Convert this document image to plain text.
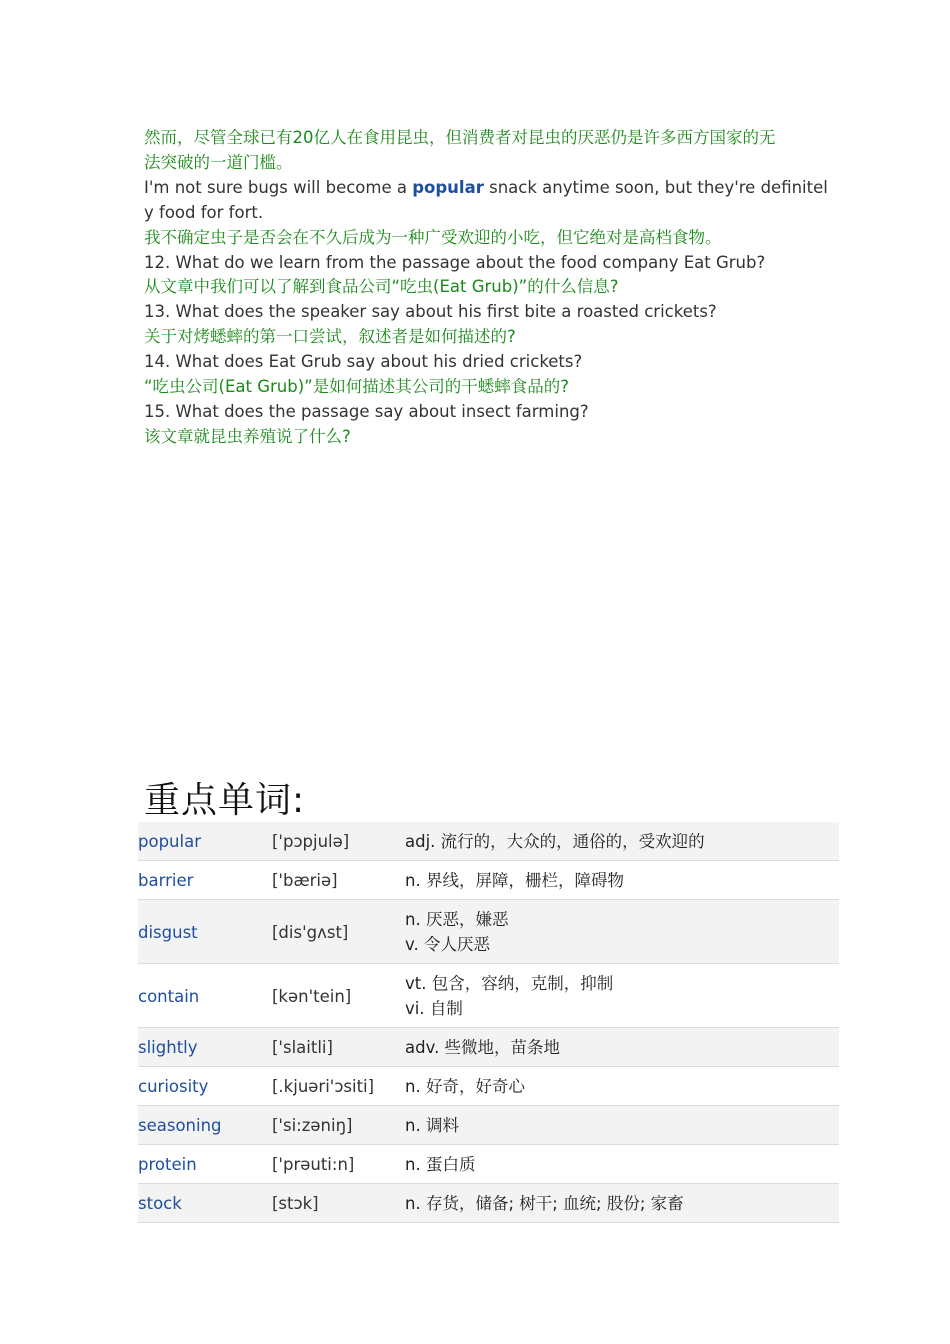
然而，尽管全球已有20亿人在食用昆虫，但消费者对昆虫的厌恶仍是许多西方国家的无
法突破的一道门槛。
I'm not sure bugs will become a popular snack anytime soon, but they're definitel
y food for fort.
我不确定虫子是否会在不久后成为一种广受欢迎的小吃，但它绝对是高档食物。
12. What do we learn from the passage about the food company Eat Grub?
从文章中我们可以了解到食品公司“吃虫(Eat Grub)”的什么信息?
13. What does the speaker say about his first bite a roasted crickets?
关于对烤蟋蟀的第一口尝试，叙述者是如何描述的?
14. What does Eat Grub say about his dried crickets?
“吃虫公司(Eat Grub)”是如何描述其公司的干蟋蟀食品的?
15. What does the passage say about insect farming?
该文章就昆虫养殖说了什么?
重点单词:
popular	['pɔpjulə]	adj. 流行的，大众的，通俗的，受欢迎的

barrier	['bæriə]	n. 界线，屏障，栅栏，障碍物

disgust	[dis'gʌst]	n. 厌恶，嫌恶
v. 令人厌恶

contain	[kən'tein]	vt. 包含，容纳，克制，抑制
vi. 自制

slightly	['slaitli]	adv. 些微地，苗条地

curiosity	[.kjuəri'ɔsiti]	n. 好奇，好奇心

seasoning	['si:zəniŋ]	n. 调料

protein	['prəuti:n]	n. 蛋白质

stock	[stɔk]	n. 存货，储备; 树干; 血统; 股份; 家畜
